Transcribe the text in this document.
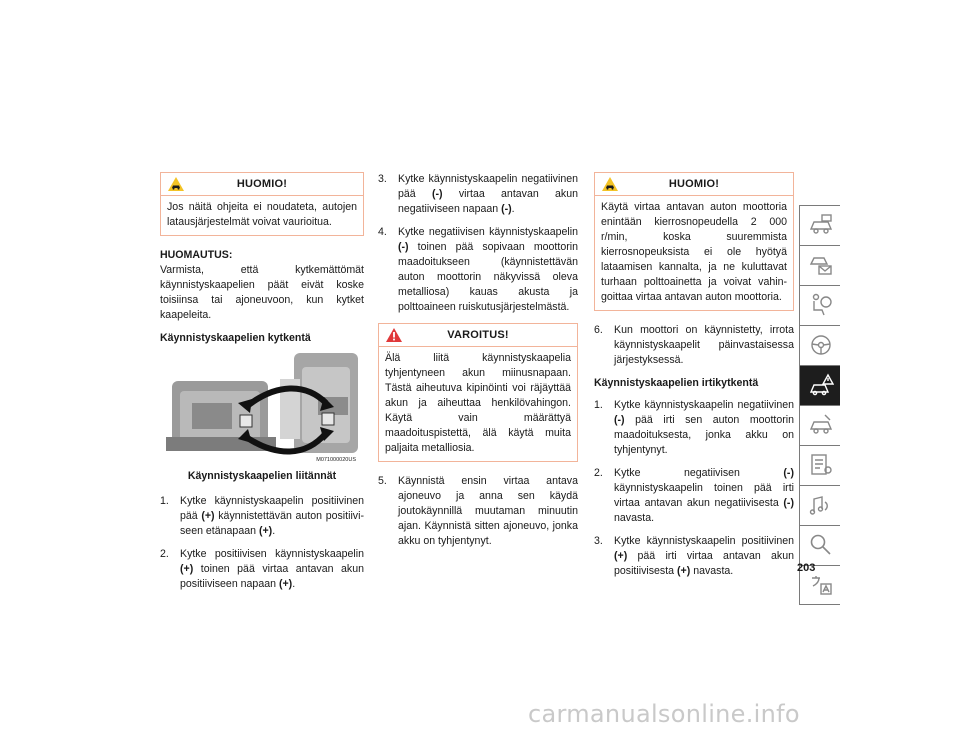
HUOMIO!
Jos näitä ohjeita ei noudateta, autojen latausjärjestelmät voivat vaurioitua.

HUOMAUTUS:
Varmista, että kytkemättömät käynnistyskaapelien päät eivät koske toisiinsa tai ajoneuvoon, kun kytket kaapeleita.

Käynnistyskaapelien kytkentä

M071000020US

Käynnistyskaapelien liitännät

1. Kytke käynnistyskaapelin positiivinen pää (+) käynnistettävän auton positiiviseen etänapaan (+).
2. Kytke positiivisen käynnistyskaapelin (+) toinen pää virtaa antavan akun positiiviseen napaan (+).
3. Kytke käynnistyskaapelin negatiivinen pää (-) virtaa antavan akun negatiiviseen napaan (-).
4. Kytke negatiivisen käynnistyskaapelin (-) toinen pää sopivaan moottorin maadoitukseen (käynnistettävän auton moottorin näkyvissä oleva metalliosa) kauas akusta ja polttoaineen ruiskutusjärjestelmästä.
VAROITUS!
Älä liitä käynnistyskaapelia tyhjentyneen akun miinusnapaan. Tästä aiheutuva kipinöinti voi räjäyttää akun ja aiheuttaa henkilövahingon. Käytä vain määrättyä maadoituspistettä, älä käytä muita paljaita metalliosia.
5. Käynnistä ensin virtaa antava ajoneuvo ja anna sen käydä joutokäynnillä muutaman minuutin ajan. Käynnistä sitten ajoneuvo, jonka akku on tyhjentynyt.
HUOMIO!
Käytä virtaa antavan auton moottoria enintään kierrosnopeudella 2 000 r/min, koska suuremmista kierrosnopeuksista ei ole hyötyä lataamisen kannalta, ja ne kuluttavat turhaan polttoainetta ja voivat vahingoittaa virtaa antavan auton moottoria.
6. Kun moottori on käynnistetty, irrota käynnistyskaapelit päinvastaisessa järjestyksessä.

Käynnistyskaapelien irtikytkentä

1. Kytke käynnistyskaapelin negatiivinen (-) pää irti sen auton moottorin maadoituksesta, jonka akku on tyhjentynyt.
2. Kytke negatiivisen (-) käynnistyskaapelin toinen pää irti virtaa antavan akun negatiivisesta (-) navasta.
3. Kytke käynnistyskaapelin positiivinen (+) pää irti virtaa antavan akun positiivisesta (+) navasta.	203
carmanualsonline.info
